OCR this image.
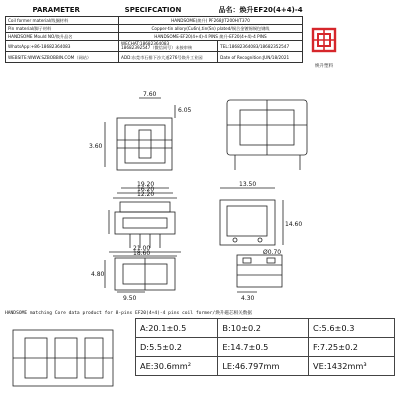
PARAMETER	SPECIFCATION	品名：焕升EF20(4+4)-4
Coil former material/线圈材料	HANDSOME(焕升) PF268J/T200H/T370		
Pin material/脚子材料	Copper-tin allory(Cu6n),tin(Sn) plated/铜合金镀锡铜包钢线		
HANDSOME Mould NO/焕升品名	HANDSOME-EF20(4+4)-4 PINS 焕升-EF20(4+4)-4 PINS		
WhatsApp:+86-18682364083	WECHAT:18682364083
18682392547（微信同号）未接审核	TEL:18682364083/18682352547	
WEBSITE:WWW.SZBOBBIN.COM（网站）	ADD:东莞市石排下沙大道276号焕升工业园	Date of Recognition:JUN/18/2021	
焕升塑料
7.60
6.05
3.60
19.20
16.20
12.20
13.50
14.60
Ø0.70
21.00
18.60
4.80
9.50	4.30
HANDSOME matching Core data product for 8-pins EF20(4+4)-4 pins coil former/焕升磁芯相关数据
A:20.1±0.5	B:10±0.2	C:5.6±0.3
D:5.5±0.2	E:14.7±0.5	F:7.25±0.2
AE:30.6mm²	LE:46.797mm	VE:1432mm³
